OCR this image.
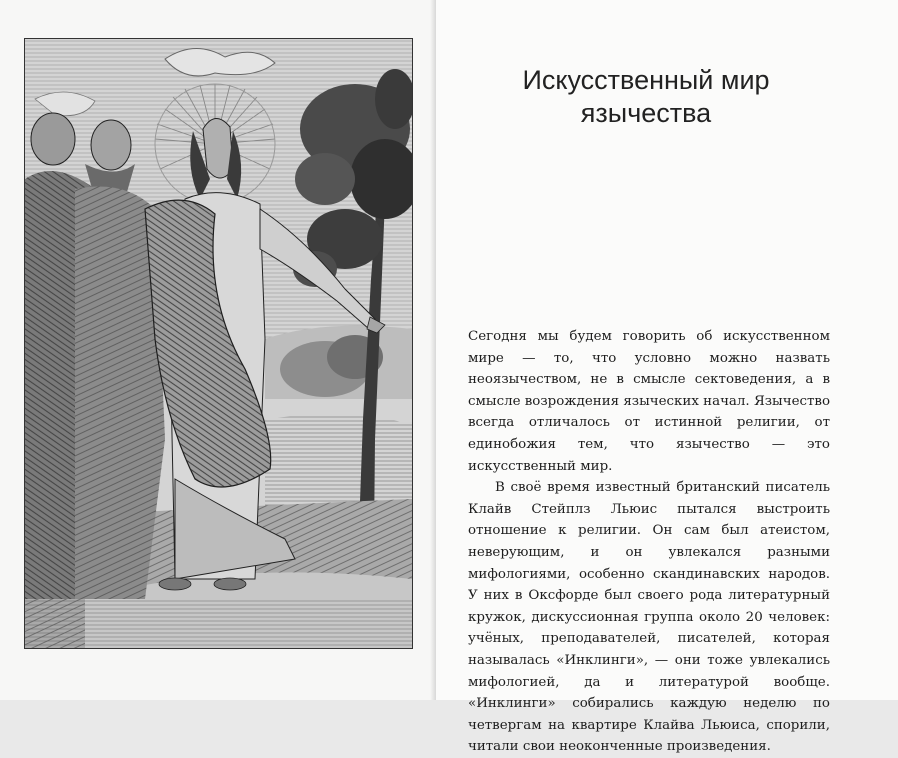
Искусственный мир язычества

Сегодня мы будем говорить об искусственном мире — то, что условно можно назвать неоязычеством, не в смысле сектоведения, а в смысле возрождения языческих начал. Язычество всегда отличалось от истинной религии, от единобожия тем, что язычество — это искусственный мир.

В своё время известный британский писатель Клайв Стейплз Льюис пытался выстроить отношение к религии. Он сам был атеистом, неверующим, и он увлекался разными мифологиями, особенно скандинавских народов. У них в Оксфорде был своего рода литературный кружок, дискуссионная группа около 20 человек: учёных, преподавателей, писателей, которая называлась «Инклинги», — они тоже увлекались мифологией, да и литературой вообще. «Инклинги» собирались каждую неделю по четвергам на квартире Клайва Льюиса, спорили, читали свои неоконченные произведения.
